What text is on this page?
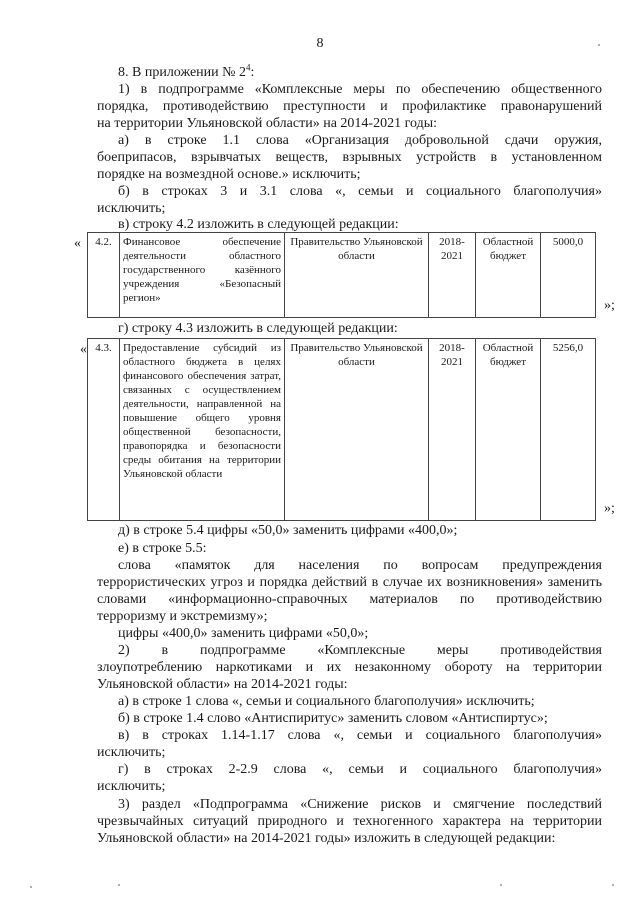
8
8. В приложении № $2^4$:
1) в подпрограмме «Комплексные меры по обеспечению общественного
порядка, противодействию преступности и профилактике правонарушений
на территории Ульяновской области» на 2014-2021 годы:
а) в строке 1.1 слова «Организация добровольной сдачи оружия,
боеприпасов, взрывчатых веществ, взрывных устройств в установленном
порядке на возмездной основе.» исключить;
б) в строках 3 и 3.1 слова «, семьи и социального благополучия»
исключить;
в) строку 4.2 изложить в следующей редакции:
« 4.2.	Финансовое обеспечение деятельности областного государственного казённого учреждения «Безопасный регион»	Правительство Ульяновской области	2018-2021	Областной бюджет	5000,0
»;
г) строку 4.3 изложить в следующей редакции:
« 4.3.	Предоставление субсидий из областного бюджета в целях финансового обеспечения затрат, связанных с осуществлением деятельности, направленной на повышение общего уровня общественной безопасности, правопорядка и безопасности среды обитания на территории Ульяновской области	Правительство Ульяновской области	2018-2021	Областной бюджет	5256,0
»;
д) в строке 5.4 цифры «50,0» заменить цифрами «400,0»;
е) в строке 5.5:
слова «памяток для населения по вопросам предупреждения
террористических угроз и порядка действий в случае их возникновения» заменить
словами «информационно-справочных материалов по противодействию
терроризму и экстремизму»;
цифры «400,0» заменить цифрами «50,0»;
2) в подпрограмме «Комплексные меры противодействия
злоупотреблению наркотиками и их незаконному обороту на территории
Ульяновской области» на 2014-2021 годы:
а) в строке 1 слова «, семьи и социального благополучия» исключить;
б) в строке 1.4 слово «Антиспиритус» заменить словом «Антиспиртус»;
в) в строках 1.14-1.17 слова «, семьи и социального благополучия»
исключить;
г) в строках 2-2.9 слова «, семьи и социального благополучия»
исключить;
3) раздел «Подпрограмма «Снижение рисков и смягчение последствий
чрезвычайных ситуаций природного и техногенного характера на территории
Ульяновской области» на 2014-2021 годы» изложить в следующей редакции:
